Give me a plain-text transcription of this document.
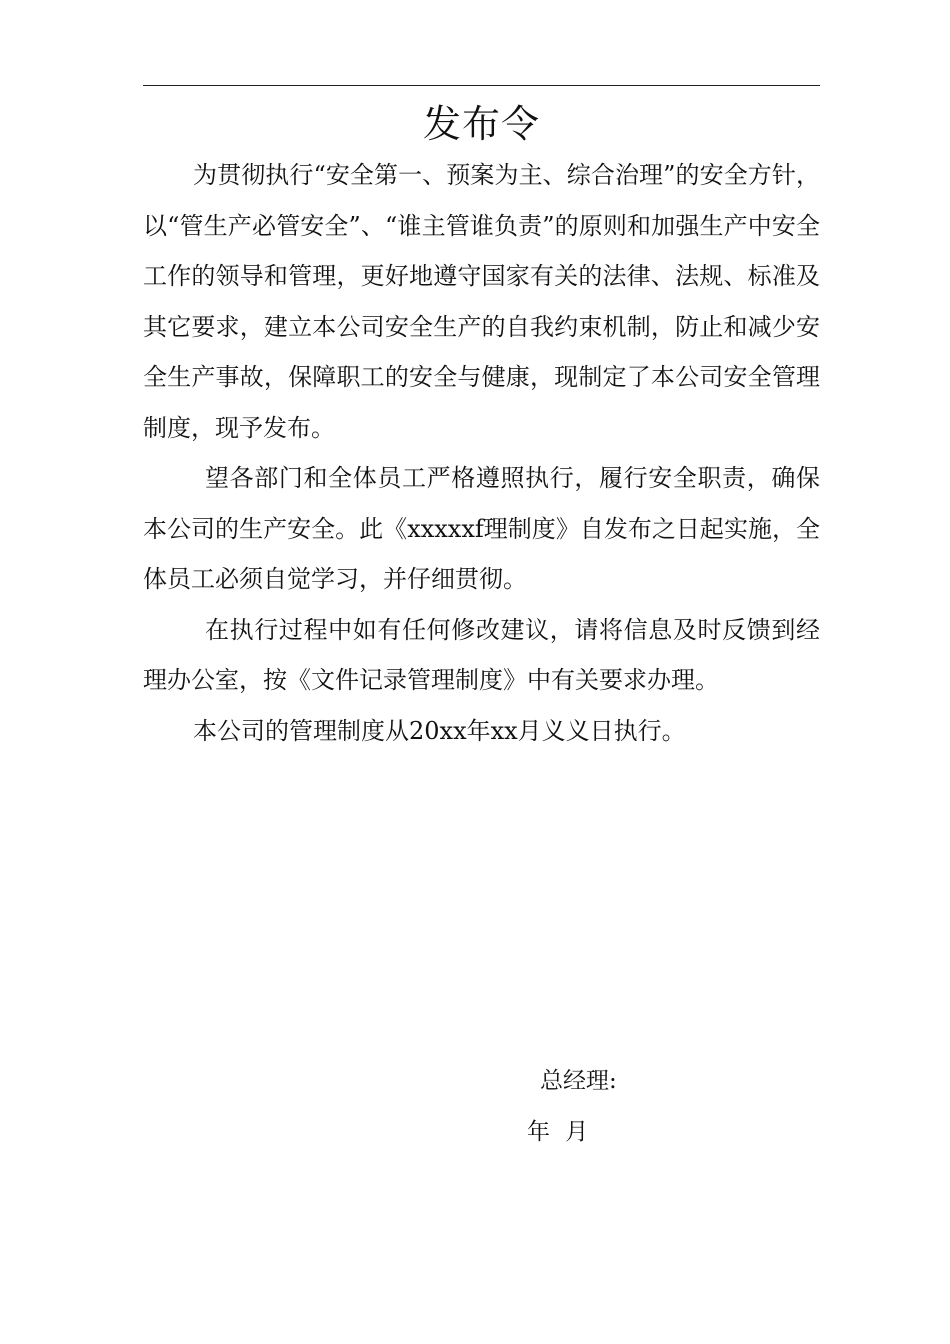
发布令

为贯彻执行“安全第一、预案为主、综合治理”的安全方针，以“管生产必管安全”、“谁主管谁负责”的原则和加强生产中安全工作的领导和管理，更好地遵守国家有关的法律、法规、标准及其它要求，建立本公司安全生产的自我约束机制，防止和减少安全生产事故，保障职工的安全与健康，现制定了本公司安全管理制度，现予发布。

望各部门和全体员工严格遵照执行，履行安全职责，确保本公司的生产安全。此《xxxxxf理制度》自发布之日起实施，全体员工必须自觉学习，并仔细贯彻。

在执行过程中如有任何修改建议，请将信息及时反馈到经理办公室，按《文件记录管理制度》中有关要求办理。

本公司的管理制度从20xx年xx月义义日执行。

总经理:
年 月
